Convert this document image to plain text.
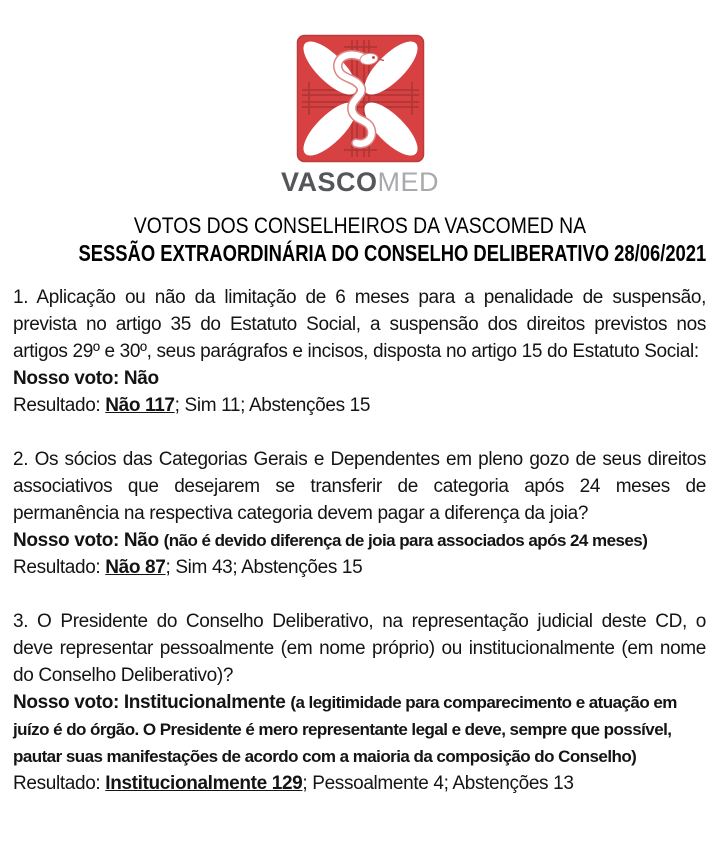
VASCOMED
VOTOS DOS CONSELHEIROS DA VASCOMED NA
SESSÃO EXTRAORDINÁRIA DO CONSELHO DELIBERATIVO 28/06/2021

1. Aplicação ou não da limitação de 6 meses para a penalidade de suspensão, prevista no artigo 35 do Estatuto Social, a suspensão dos direitos previstos nos artigos 29º e 30º, seus parágrafos e incisos, disposta no artigo 15 do Estatuto Social:

Nosso voto: Não

Resultado: Não 117; Sim 11; Abstenções 15

2. Os sócios das Categorias Gerais e Dependentes em pleno gozo de seus direitos associativos que desejarem se transferir de categoria após 24 meses de permanência na respectiva categoria devem pagar a diferença da joia?

Nosso voto: Não (não é devido diferença de joia para associados após 24 meses)

Resultado: Não 87; Sim 43; Abstenções 15

3. O Presidente do Conselho Deliberativo, na representação judicial deste CD, o deve representar pessoalmente (em nome próprio) ou institucionalmente (em nome do Conselho Deliberativo)?

Nosso voto: Institucionalmente (a legitimidade para comparecimento e atuação em juízo é do órgão. O Presidente é mero representante legal e deve, sempre que possível, pautar suas manifestações de acordo com a maioria da composição do Conselho)

Resultado: Institucionalmente 129; Pessoalmente 4; Abstenções 13
